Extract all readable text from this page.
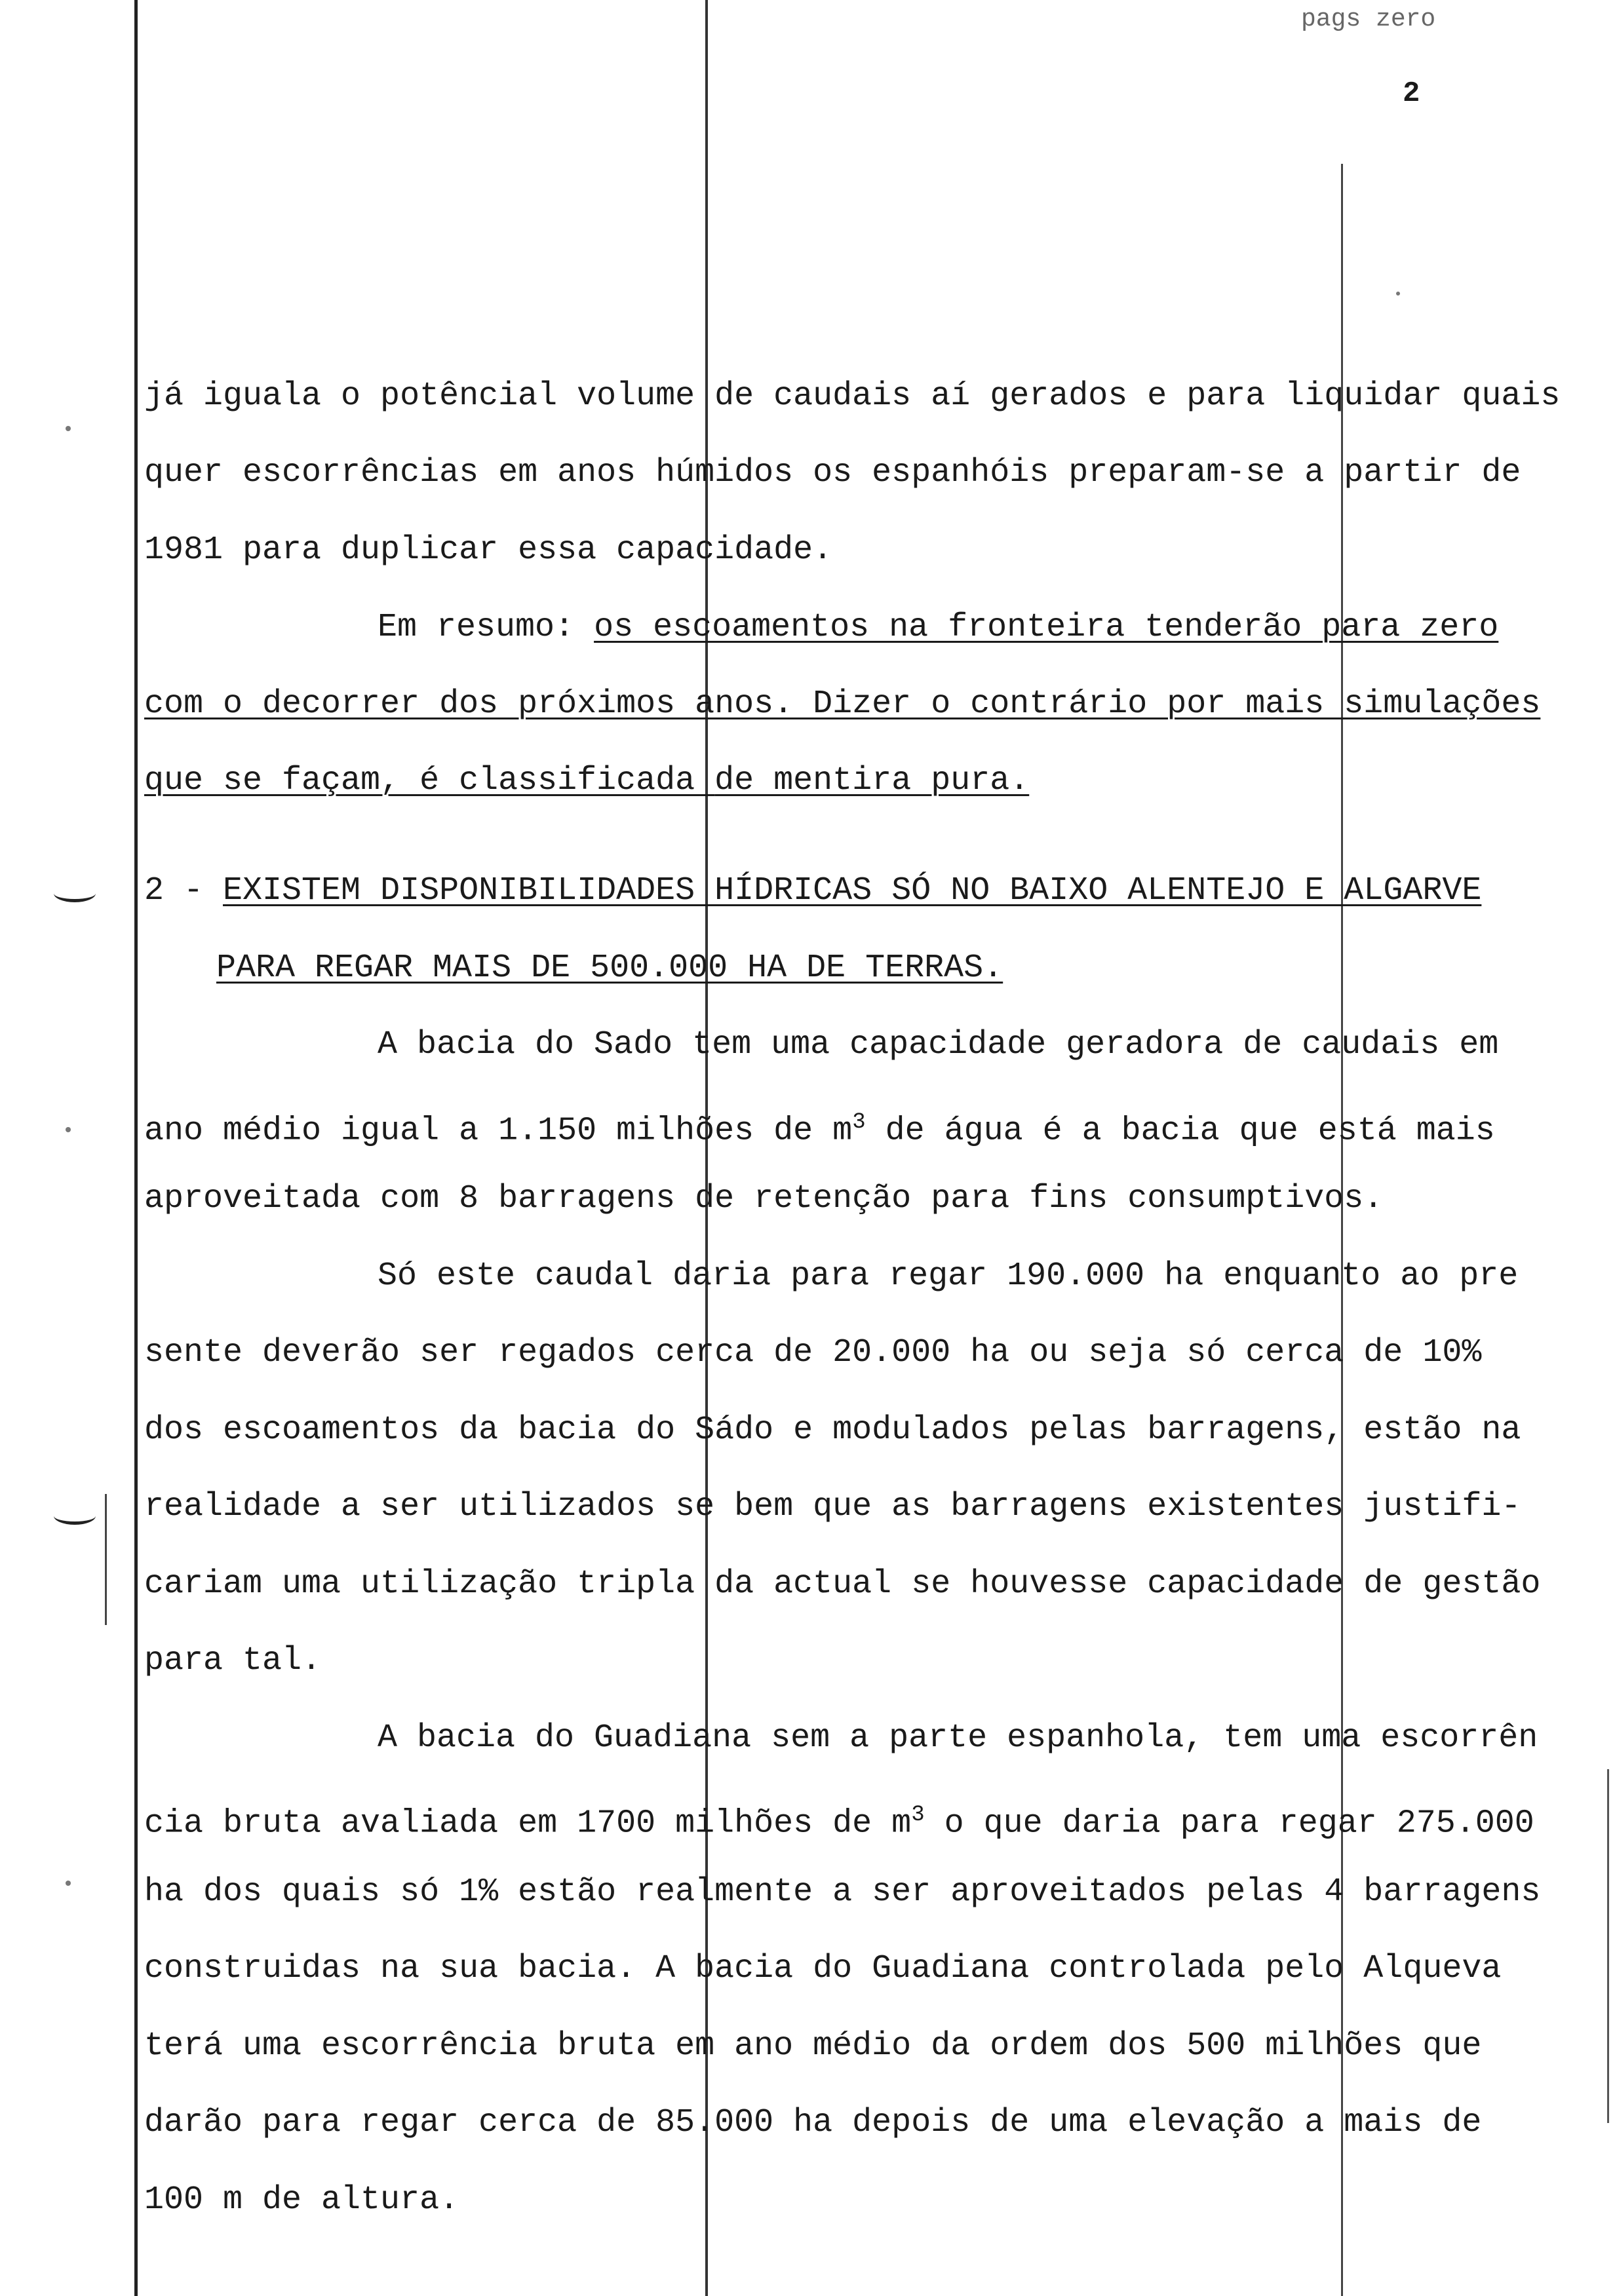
pags zero
2
já iguala o potêncial volume de caudais aí gerados e para liquidar quais
quer escorrências em anos húmidos os espanhóis preparam-se a partir de
1981 para duplicar essa capacidade.
Em resumo: os escoamentos na fronteira tenderão para zero
com o decorrer dos próximos anos. Dizer o contrário por mais simulações
que se façam, é classificada de mentira pura.
2 - EXISTEM DISPONIBILIDADES HÍDRICAS SÓ NO BAIXO ALENTEJO E ALGARVE
PARA REGAR MAIS DE 500.000 HA DE TERRAS.
A bacia do Sado tem uma capacidade geradora de caudais em
ano médio igual a 1.150 milhões de $m^3$ de água é a bacia que está mais
aproveitada com 8 barragens de retenção para fins consumptivos.
Só este caudal daria para regar 190.000 ha enquanto ao pre
sente deverão ser regados cerca de 20.000 ha ou seja só cerca de 10%
dos escoamentos da bacia do Sádo e modulados pelas barragens, estão na
realidade a ser utilizados se bem que as barragens existentes justifi-
cariam uma utilização tripla da actual se houvesse capacidade de gestão
para tal.
A bacia do Guadiana sem a parte espanhola, tem uma escorrên
cia bruta avaliada em 1700 milhões de $m^3$ o que daria para regar 275.000
ha dos quais só 1% estão realmente a ser aproveitados pelas 4 barragens
construidas na sua bacia. A bacia do Guadiana controlada pelo Alqueva
terá uma escorrência bruta em ano médio da ordem dos 500 milhões que
darão para regar cerca de 85.000 ha depois de uma elevação a mais de
100 m de altura.
